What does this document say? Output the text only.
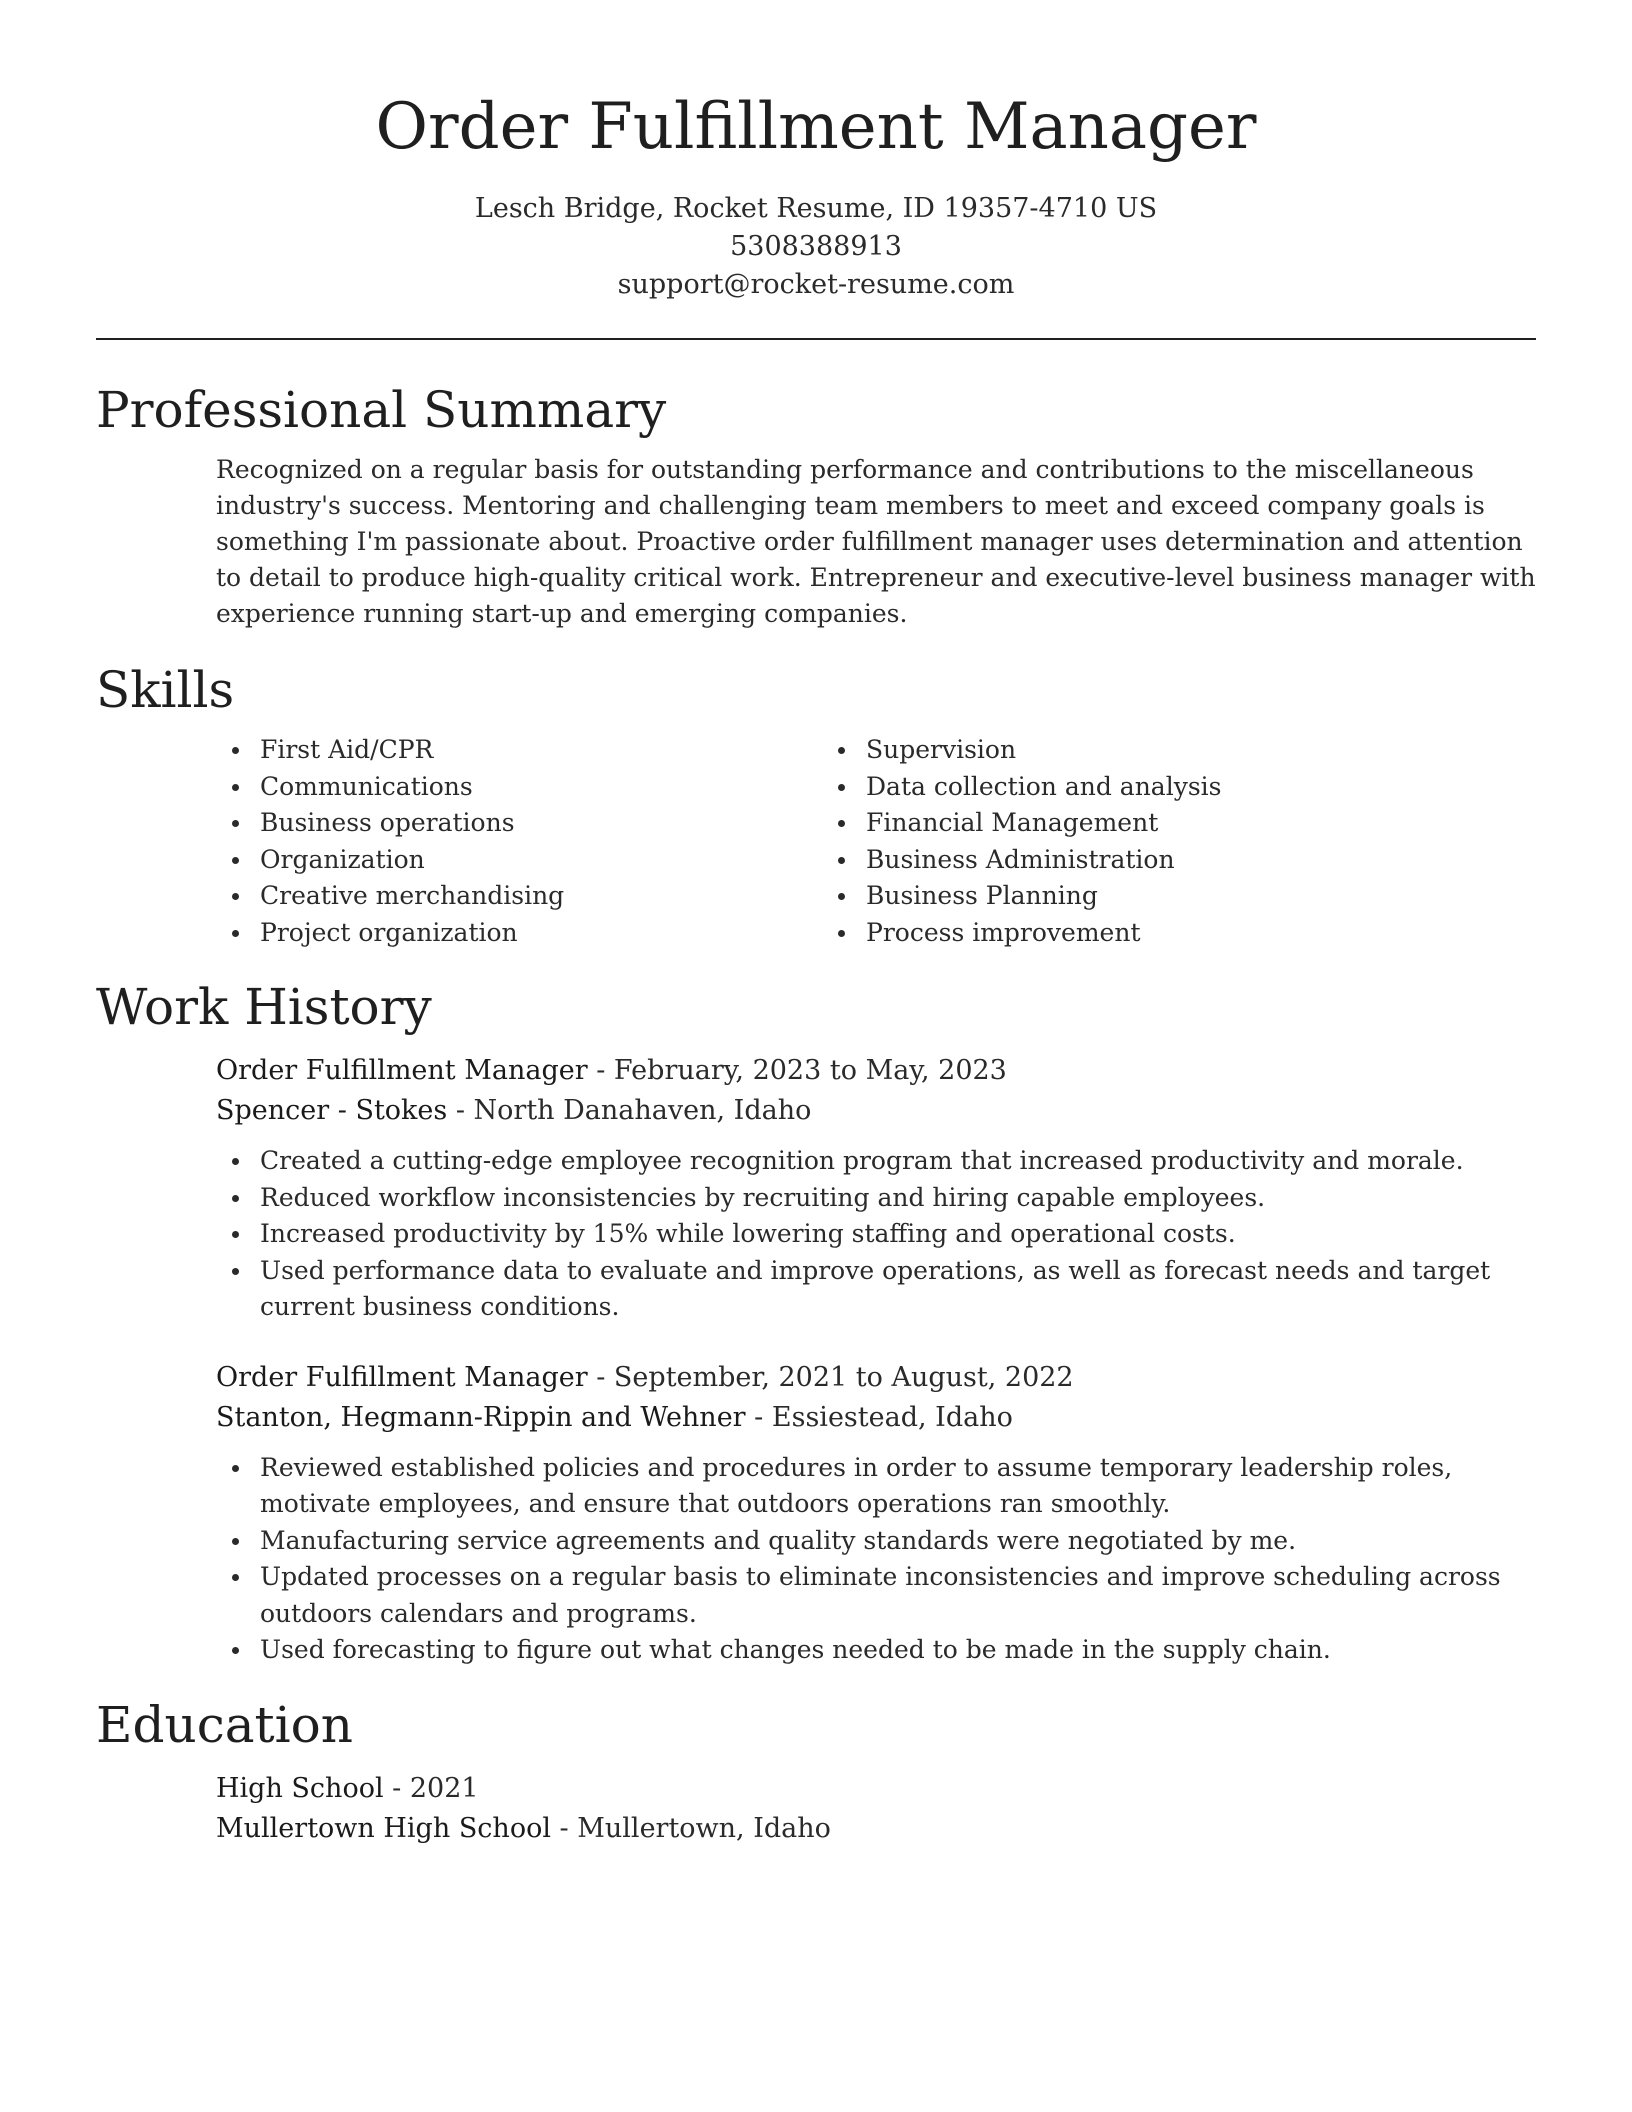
Order Fulfillment Manager
Lesch Bridge, Rocket Resume, ID 19357-4710 US
5308388913
support@rocket-resume.com
Professional Summary
Recognized on a regular basis for outstanding performance and contributions to the miscellaneous industry's success. Mentoring and challenging team members to meet and exceed company goals is something I'm passionate about. Proactive order fulfillment manager uses determination and attention to detail to produce high-quality critical work. Entrepreneur and executive-level business manager with experience running start-up and emerging companies.
Skills
First Aid/CPR
Communications
Business operations
Organization
Creative merchandising
Project organization
Supervision
Data collection and analysis
Financial Management
Business Administration
Business Planning
Process improvement
Work History
Order Fulfillment Manager - February, 2023 to May, 2023
Spencer - Stokes - North Danahaven, Idaho
Created a cutting-edge employee recognition program that increased productivity and morale.
Reduced workflow inconsistencies by recruiting and hiring capable employees.
Increased productivity by 15% while lowering staffing and operational costs.
Used performance data to evaluate and improve operations, as well as forecast needs and target current business conditions.
Order Fulfillment Manager - September, 2021 to August, 2022
Stanton, Hegmann-Rippin and Wehner - Essiestead, Idaho
Reviewed established policies and procedures in order to assume temporary leadership roles, motivate employees, and ensure that outdoors operations ran smoothly.
Manufacturing service agreements and quality standards were negotiated by me.
Updated processes on a regular basis to eliminate inconsistencies and improve scheduling across outdoors calendars and programs.
Used forecasting to figure out what changes needed to be made in the supply chain.
Education
High School - 2021
Mullertown High School - Mullertown, Idaho
